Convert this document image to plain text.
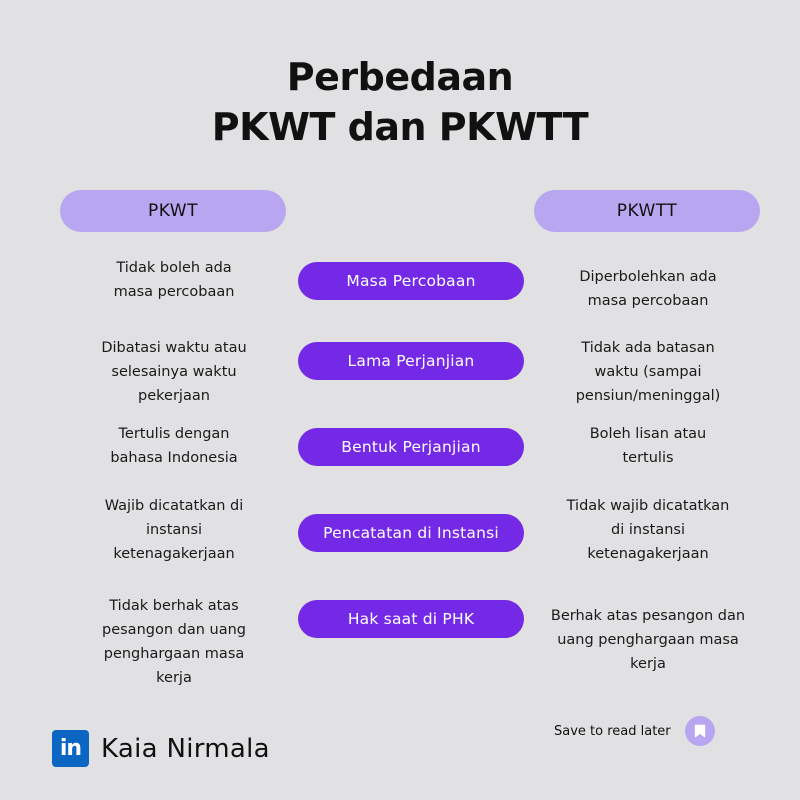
Perbedaan
PKWT dan PKWTT
PKWT	PKWTT
Masa Percobaan
Tidak boleh ada masa percobaan
Diperbolehkan ada masa percobaan
Lama Perjanjian
Dibatasi waktu atau selesainya waktu pekerjaan
Tidak ada batasan waktu (sampai pensiun/meninggal)
Bentuk Perjanjian
Tertulis dengan bahasa Indonesia
Boleh lisan atau tertulis
Pencatatan di Instansi
Wajib dicatatkan di instansi ketenagakerjaan
Tidak wajib dicatatkan di instansi ketenagakerjaan
Hak saat di PHK
Tidak berhak atas pesangon dan uang penghargaan masa kerja
Berhak atas pesangon dan uang penghargaan masa kerja
in Kaia Nirmala
Save to read later
